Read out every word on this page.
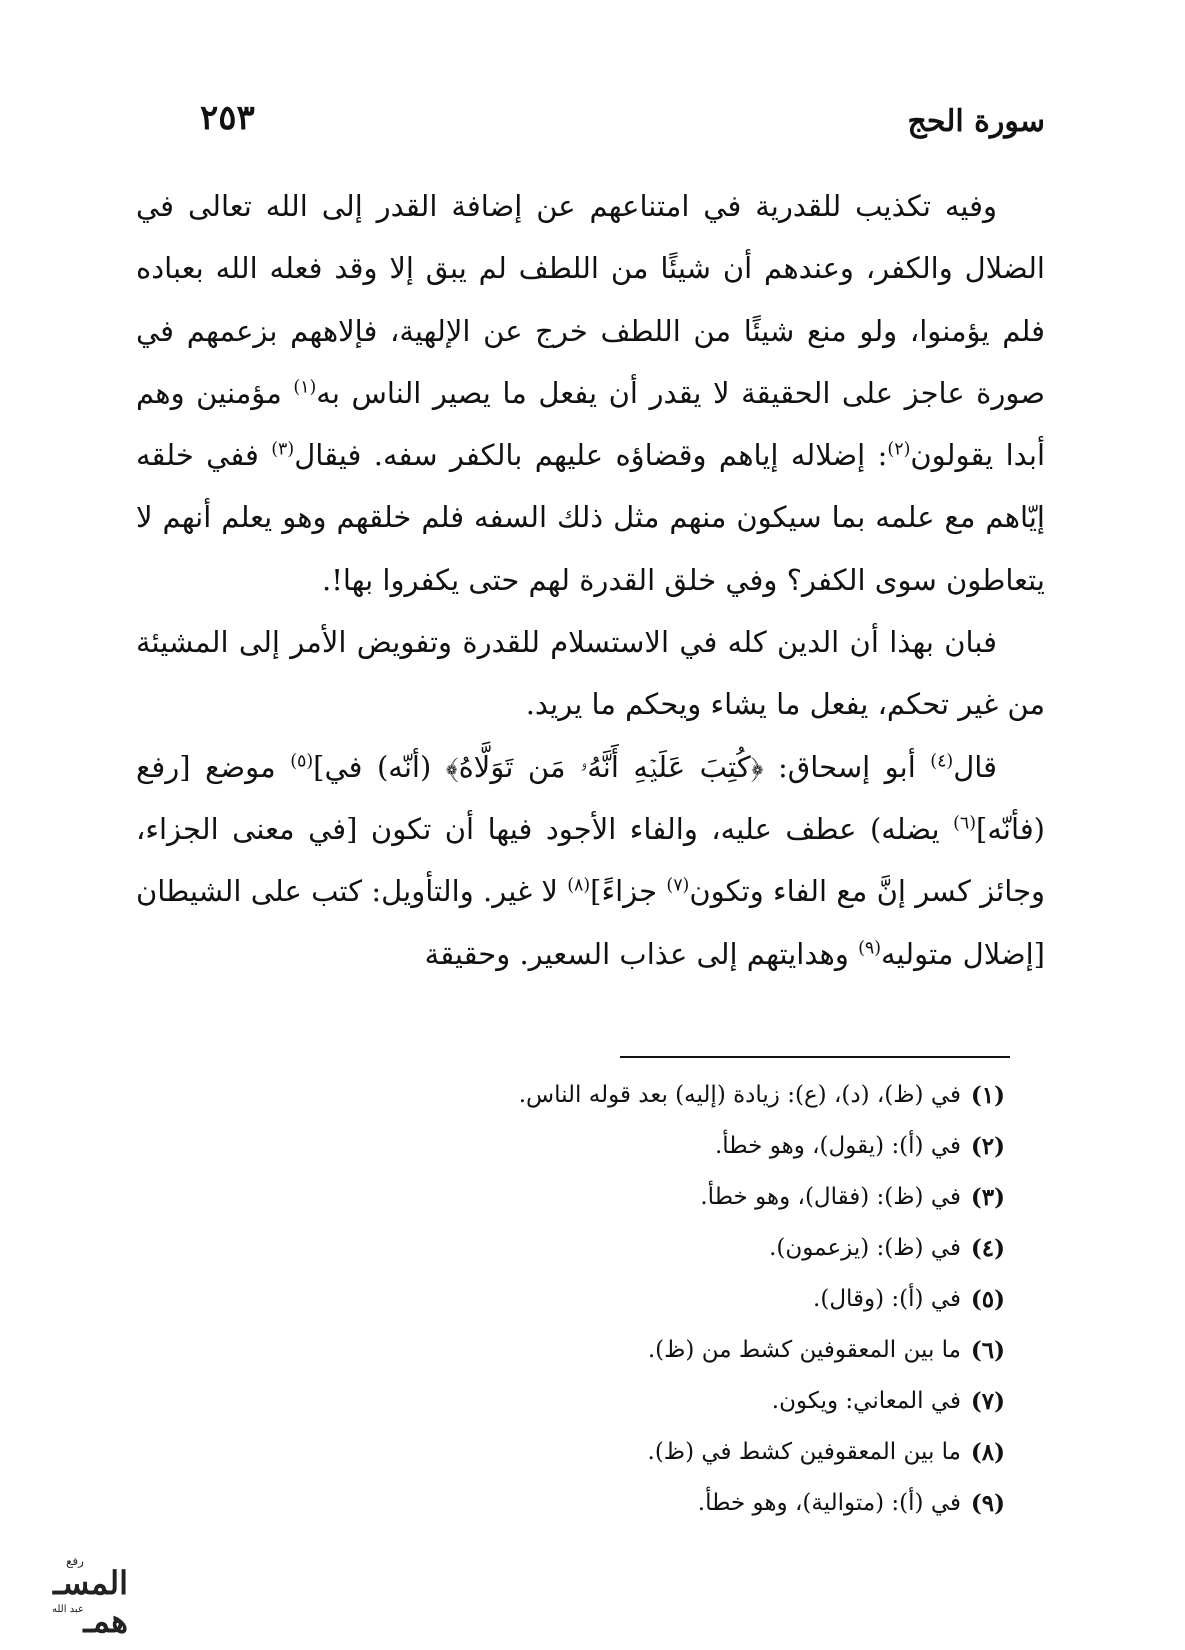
٢٥٣	سورة الحج

وفيه تكذيب للقدرية في امتناعهم عن إضافة القدر إلى الله تعالى في الضلال والكفر، وعندهم أن شيئًا من اللطف لم يبق إلا وقد فعله الله بعباده فلم يؤمنوا، ولو منع شيئًا من اللطف خرج عن الإلهية، فإلاههم بزعمهم في صورة عاجز على الحقيقة لا يقدر أن يفعل ما يصير الناس به$^{(١)}$ مؤمنين وهم أبدا يقولون$^{(٢)}$: إضلاله إياهم وقضاؤه عليهم بالكفر سفه. فيقال$^{(٣)}$ ففي خلقه إيّاهم مع علمه بما سيكون منهم مثل ذلك السفه فلم خلقهم وهو يعلم أنهم لا يتعاطون سوى الكفر؟ وفي خلق القدرة لهم حتى يكفروا بها!.

فبان بهذا أن الدين كله في الاستسلام للقدرة وتفويض الأمر إلى المشيئة من غير تحكم، يفعل ما يشاء ويحكم ما يريد.

قال$^{(٤)}$ أبو إسحاق: ﴿كُتِبَ عَلَيۡهِ أَنَّهُۥ مَن تَوَلَّاهُ﴾ (أنّه) في]$^{(٥)}$ موضع [رفع (فأنّه]$^{(٦)}$ يضله) عطف عليه، والفاء الأجود فيها أن تكون [في معنى الجزاء، وجائز كسر إنَّ مع الفاء وتكون$^{(٧)}$ جزاءً]$^{(٨)}$ لا غير. والتأويل: كتب على الشيطان [إضلال متوليه$^{(٩)}$ وهدايتهم إلى عذاب السعير. وحقيقة

(١)
في (ظ)، (د)، (ع): زيادة (إليه) بعد قوله الناس.
(٢)
في (أ): (يقول)، وهو خطأ.
(٣)
في (ظ): (فقال)، وهو خطأ.
(٤)
في (ظ): (يزعمون).
(٥)
في (أ): (وقال).
(٦)
ما بين المعقوفين كشط من (ظ).
(٧)
في المعاني: ويكون.
(٨)
ما بين المعقوفين كشط في (ظ).
(٩)
في (أ): (متوالية)، وهو خطأ.
رفع
المسـ همـ
عبد الله
